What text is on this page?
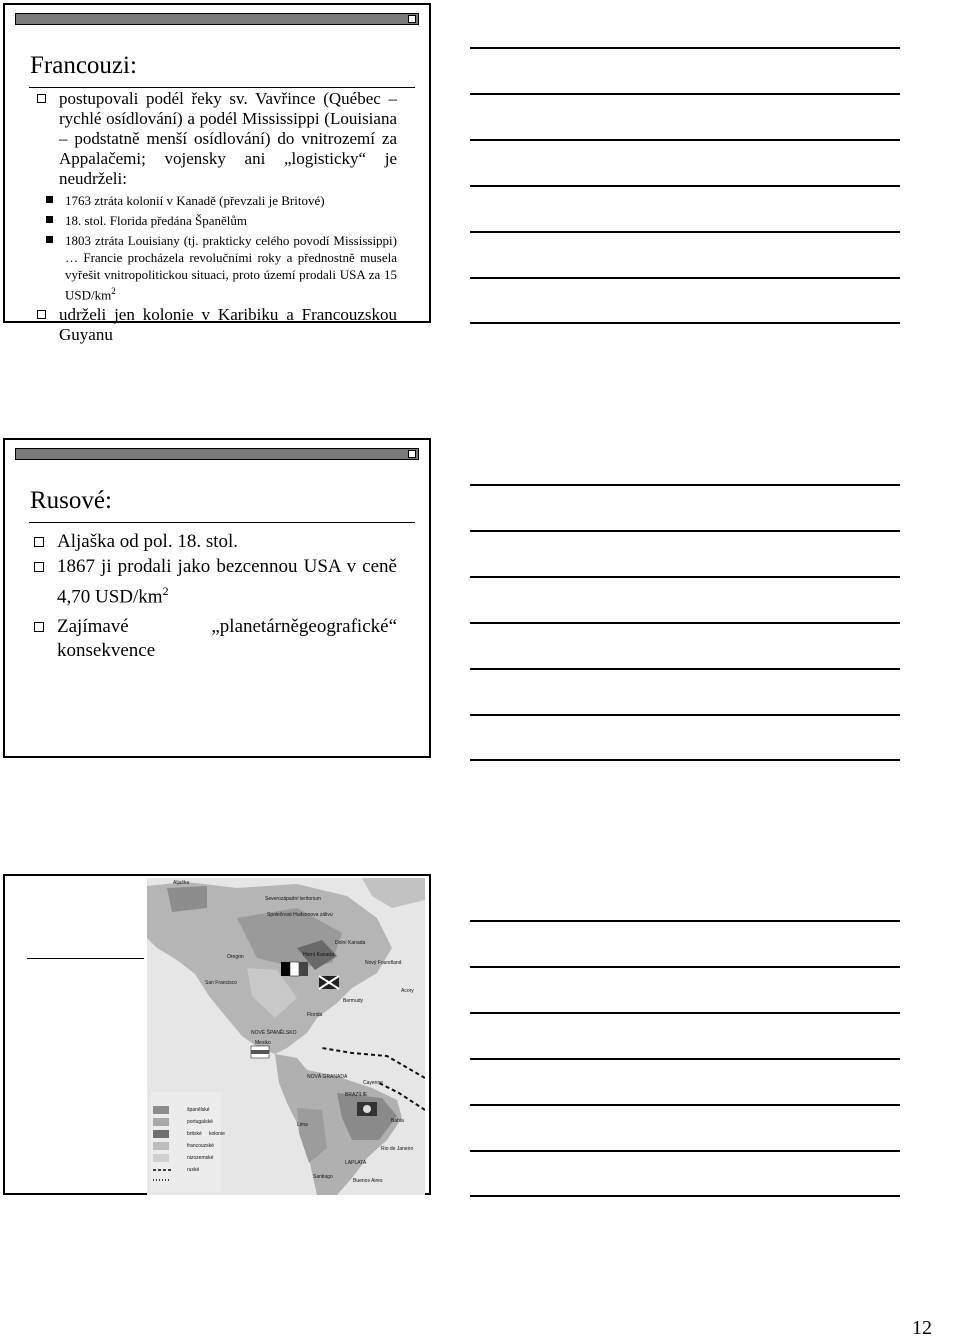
Francouzi:
postupovali podél řeky sv. Vavřince (Québec – rychlé osídlování) a podél Mississippi (Louisiana – podstatně menší osídlování) do vnitrozemí za Appalačemi; vojensky ani „logisticky“ je neudrželi:
1763 ztráta kolonií v Kanadě (převzali je Britové)
18. stol. Florida předána Španělům
1803 ztráta Louisiany (tj. prakticky celého povodí Mississippi) … Francie procházela revolučními roky a přednostně musela vyřešit vnitropolitickou situaci, proto území prodali USA za 15 USD/$km^2$
udrželi jen kolonie v Karibiku a Francouzskou Guyanu
Rusové:
Aljaška od pol. 18. stol.
1867 ji prodali jako bezcennou USA v ceně 4,70 USD/$km^2$
Zajímavé „planetárněgeografické“ konsekvence
Aljaška
Severozápadní teritorium
Společnost Hudsonova zálivu
Dolní Kanada
Horní Kanada
Nový Foundland
Oregon
Acory
Bermudy
San Francisco
Florida
NOVÉ ŠPANĚLSKO
Mexiko
NOVÁ GRANADA
BRAZÍLIE
Lima
Bahia
LAPLATA
Rio de Janeiro
Buenos Aires
Santiago
Cayenne
španělské
portugalské
britské kolonie
francouzské
nizozemské
ruské
12
